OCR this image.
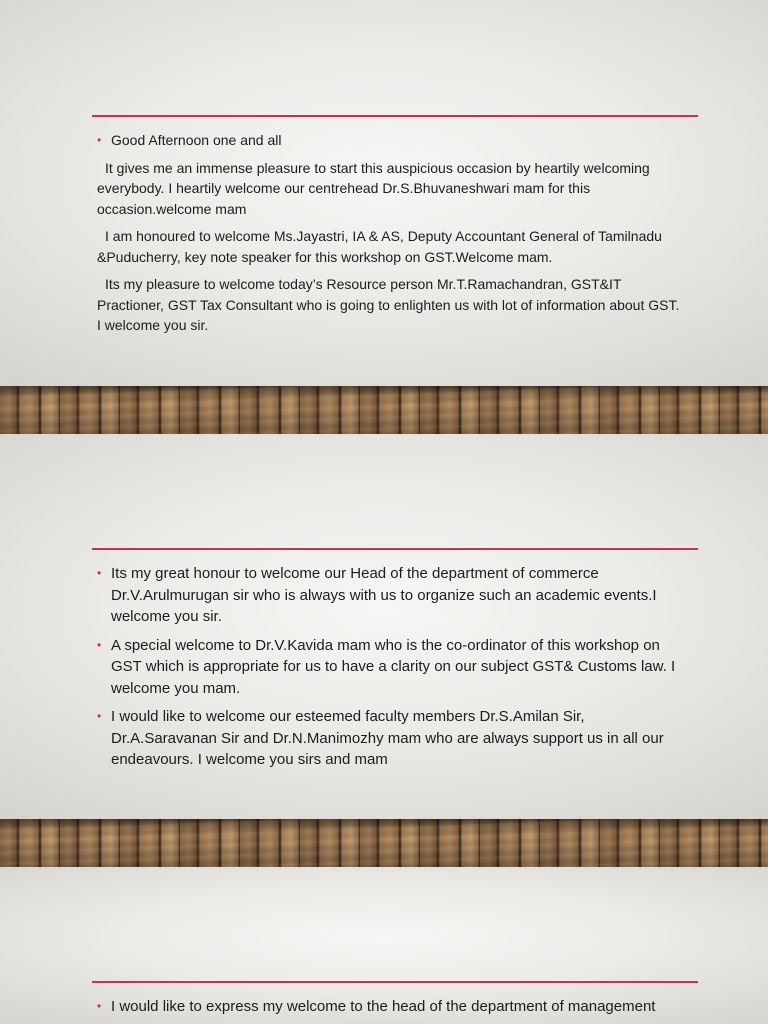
• Good Afternoon one and all
It gives me an immense pleasure to start this auspicious occasion by heartily welcoming everybody. I heartily welcome our centrehead Dr.S.Bhuvaneshwari mam for this occasion.welcome mam
I am honoured to welcome Ms.Jayastri, IA & AS, Deputy Accountant General of Tamilnadu &Puducherry, key note speaker for this workshop on GST.Welcome mam.
Its my pleasure to welcome today’s Resource person Mr.T.Ramachandran, GST&IT Practioner, GST Tax Consultant who is going to enlighten us with lot of information about GST. I welcome you sir.
• Its my great honour to welcome our Head of the department of commerce Dr.V.Arulmurugan sir who is always with us to organize such an academic events.I welcome you sir.
• A special welcome to Dr.V.Kavida mam who is the co-ordinator of this workshop on GST which is appropriate for us to have a clarity on our subject GST& Customs law. I welcome you mam.
• I would like to welcome our esteemed faculty members Dr.S.Amilan Sir, Dr.A.Saravanan Sir and Dr.N.Manimozhy mam who are always support us in all our endeavours. I welcome you sirs and mam
• I would like to express my welcome to the head of the department of management
